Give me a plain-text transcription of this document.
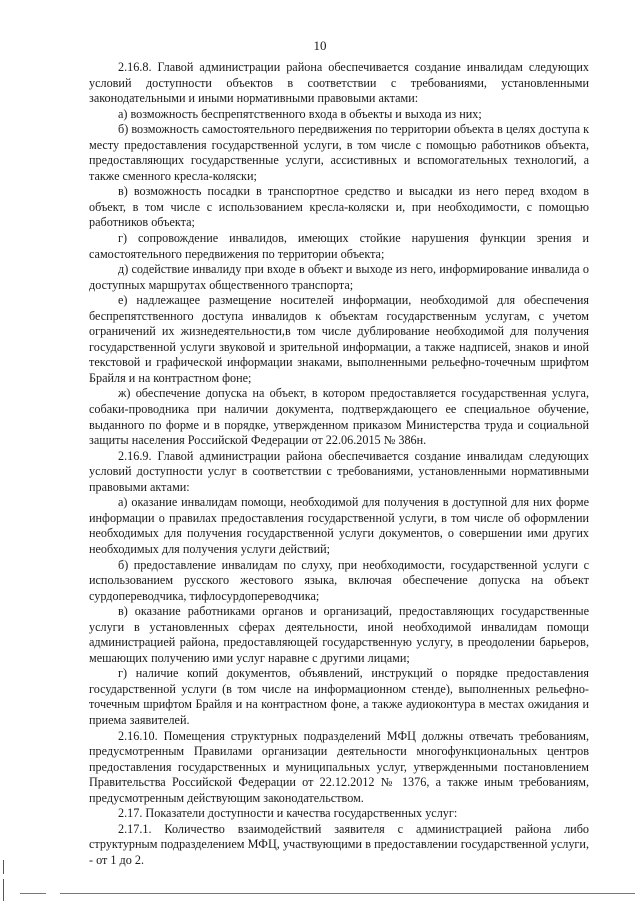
10

2.16.8. Главой администрации района обеспечивается создание инвалидам следующих условий доступности объектов в соответствии с требованиями, установленными законодательными и иными нормативными правовыми актами:

а) возможность беспрепятственного входа в объекты и выхода из них;

б) возможность самостоятельного передвижения по территории объекта в целях доступа к месту предоставления государственной услуги, в том числе с помощью работников объекта, предоставляющих государственные услуги, ассистивных и вспомогательных технологий, а также сменного кресла-коляски;

в) возможность посадки в транспортное средство и высадки из него перед входом в объект, в том числе с использованием кресла-коляски и, при необходимости, с помощью работников объекта;

г) сопровождение инвалидов, имеющих стойкие нарушения функции зрения и самостоятельного передвижения по территории объекта;

д) содействие инвалиду при входе в объект и выходе из него, информирование инвалида о доступных маршрутах общественного транспорта;

е) надлежащее размещение носителей информации, необходимой для обеспечения беспрепятственного доступа инвалидов к объектам государственным услугам, с учетом ограничений их жизнедеятельности,в том числе дублирование необходимой для получения государственной услуги звуковой и зрительной информации, а также надписей, знаков и иной текстовой и графической информации знаками, выполненными рельефно-точечным шрифтом Брайля и на контрастном фоне;

ж) обеспечение допуска на объект, в котором предоставляется государственная услуга, собаки-проводника при наличии документа, подтверждающего ее специальное обучение, выданного по форме и в порядке, утвержденном приказом Министерства труда и социальной защиты населения Российской Федерации от 22.06.2015 № 386н.

2.16.9. Главой администрации района обеспечивается создание инвалидам следующих условий доступности услуг в соответствии с требованиями, установленными нормативными правовыми актами:

а) оказание инвалидам помощи, необходимой для получения в доступной для них форме информации о правилах предоставления государственной услуги, в том числе об оформлении необходимых для получения государственной услуги документов, о совершении ими других необходимых для получения услуги действий;

б) предоставление инвалидам по слуху, при необходимости, государственной услуги с использованием русского жестового языка, включая обеспечение допуска на объект сурдопереводчика, тифлосурдопереводчика;

в) оказание работниками органов и организаций, предоставляющих государственные услуги в установленных сферах деятельности, иной необходимой инвалидам помощи администрацией района, предоставляющей государственную услугу, в преодолении барьеров, мешающих получению ими услуг наравне с другими лицами;

г) наличие копий документов, объявлений, инструкций о порядке предоставления государственной услуги (в том числе на информационном стенде), выполненных рельефно-точечным шрифтом Брайля и на контрастном фоне, а также аудиоконтура в местах ожидания и приема заявителей.

2.16.10. Помещения структурных подразделений МФЦ должны отвечать требованиям, предусмотренным Правилами организации деятельности многофункциональных центров предоставления государственных и муниципальных услуг, утвержденными постановлением Правительства Российской Федерации от 22.12.2012 № 1376, а также иным требованиям, предусмотренным действующим законодательством.

2.17. Показатели доступности и качества государственных услуг:

2.17.1. Количество взаимодействий заявителя с администрацией района либо структурным подразделением МФЦ, участвующими в предоставлении государственной услуги, - от 1 до 2.
